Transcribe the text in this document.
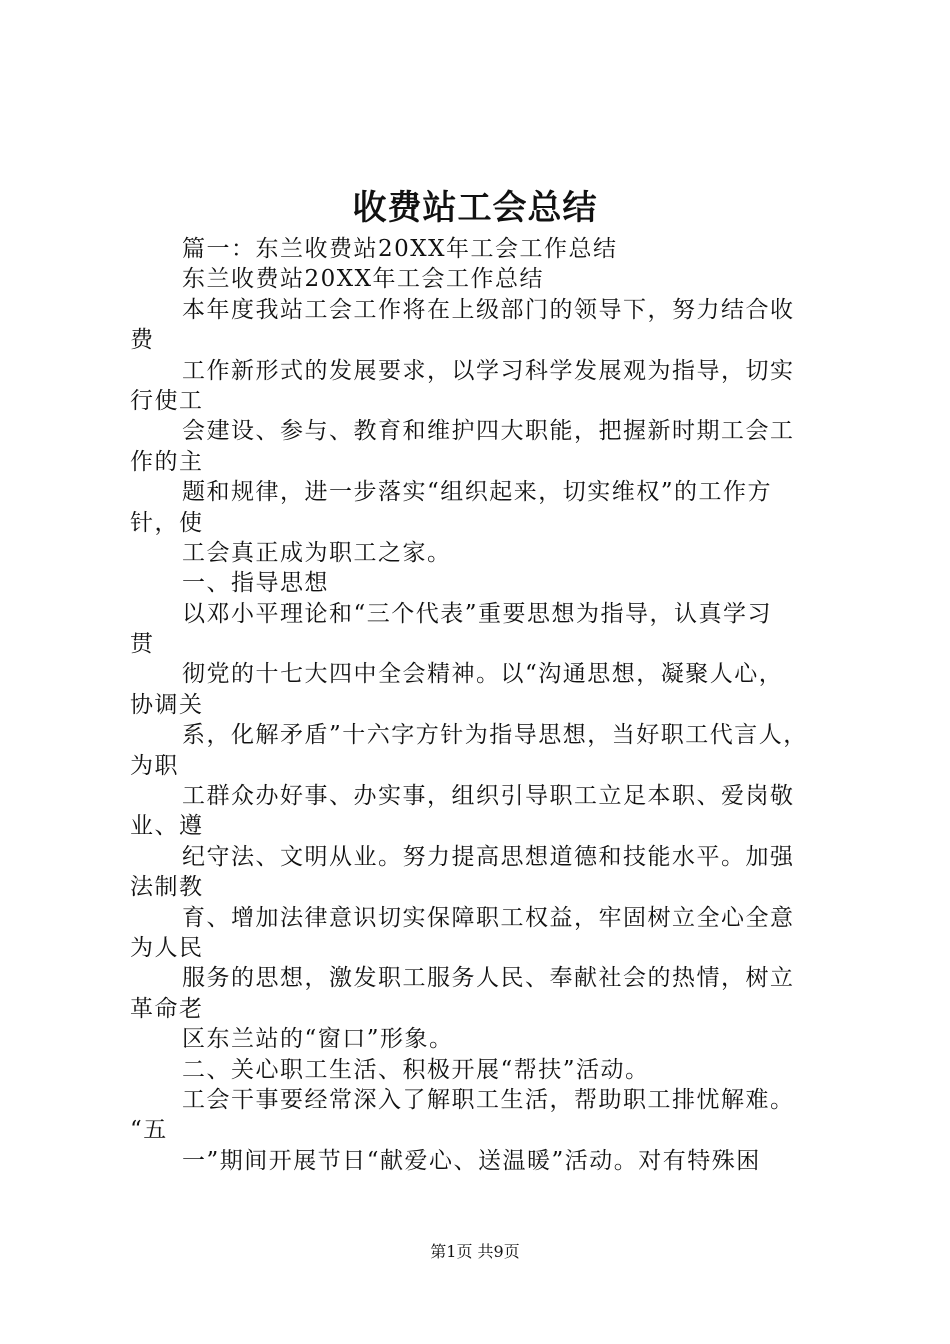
收费站工会总结
篇一：东兰收费站20XX年工会工作总结
东兰收费站20XX年工会工作总结
本年度我站工会工作将在上级部门的领导下，努力结合收
费
工作新形式的发展要求，以学习科学发展观为指导，切实
行使工
会建设、参与、教育和维护四大职能，把握新时期工会工
作的主
题和规律，进一步落实“组织起来，切实维权”的工作方
针，使
工会真正成为职工之家。
一、指导思想
以邓小平理论和“三个代表”重要思想为指导，认真学习
贯
彻党的十七大四中全会精神。以“沟通思想，凝聚人心，
协调关
系，化解矛盾”十六字方针为指导思想，当好职工代言人，
为职
工群众办好事、办实事，组织引导职工立足本职、爱岗敬
业、遵
纪守法、文明从业。努力提高思想道德和技能水平。加强
法制教
育、增加法律意识切实保障职工权益，牢固树立全心全意
为人民
服务的思想，激发职工服务人民、奉献社会的热情，树立
革命老
区东兰站的“窗口”形象。
二、关心职工生活、积极开展“帮扶”活动。
工会干事要经常深入了解职工生活，帮助职工排忧解难。
“五
一”期间开展节日“献爱心、送温暖”活动。对有特殊困
第1页 共9页
